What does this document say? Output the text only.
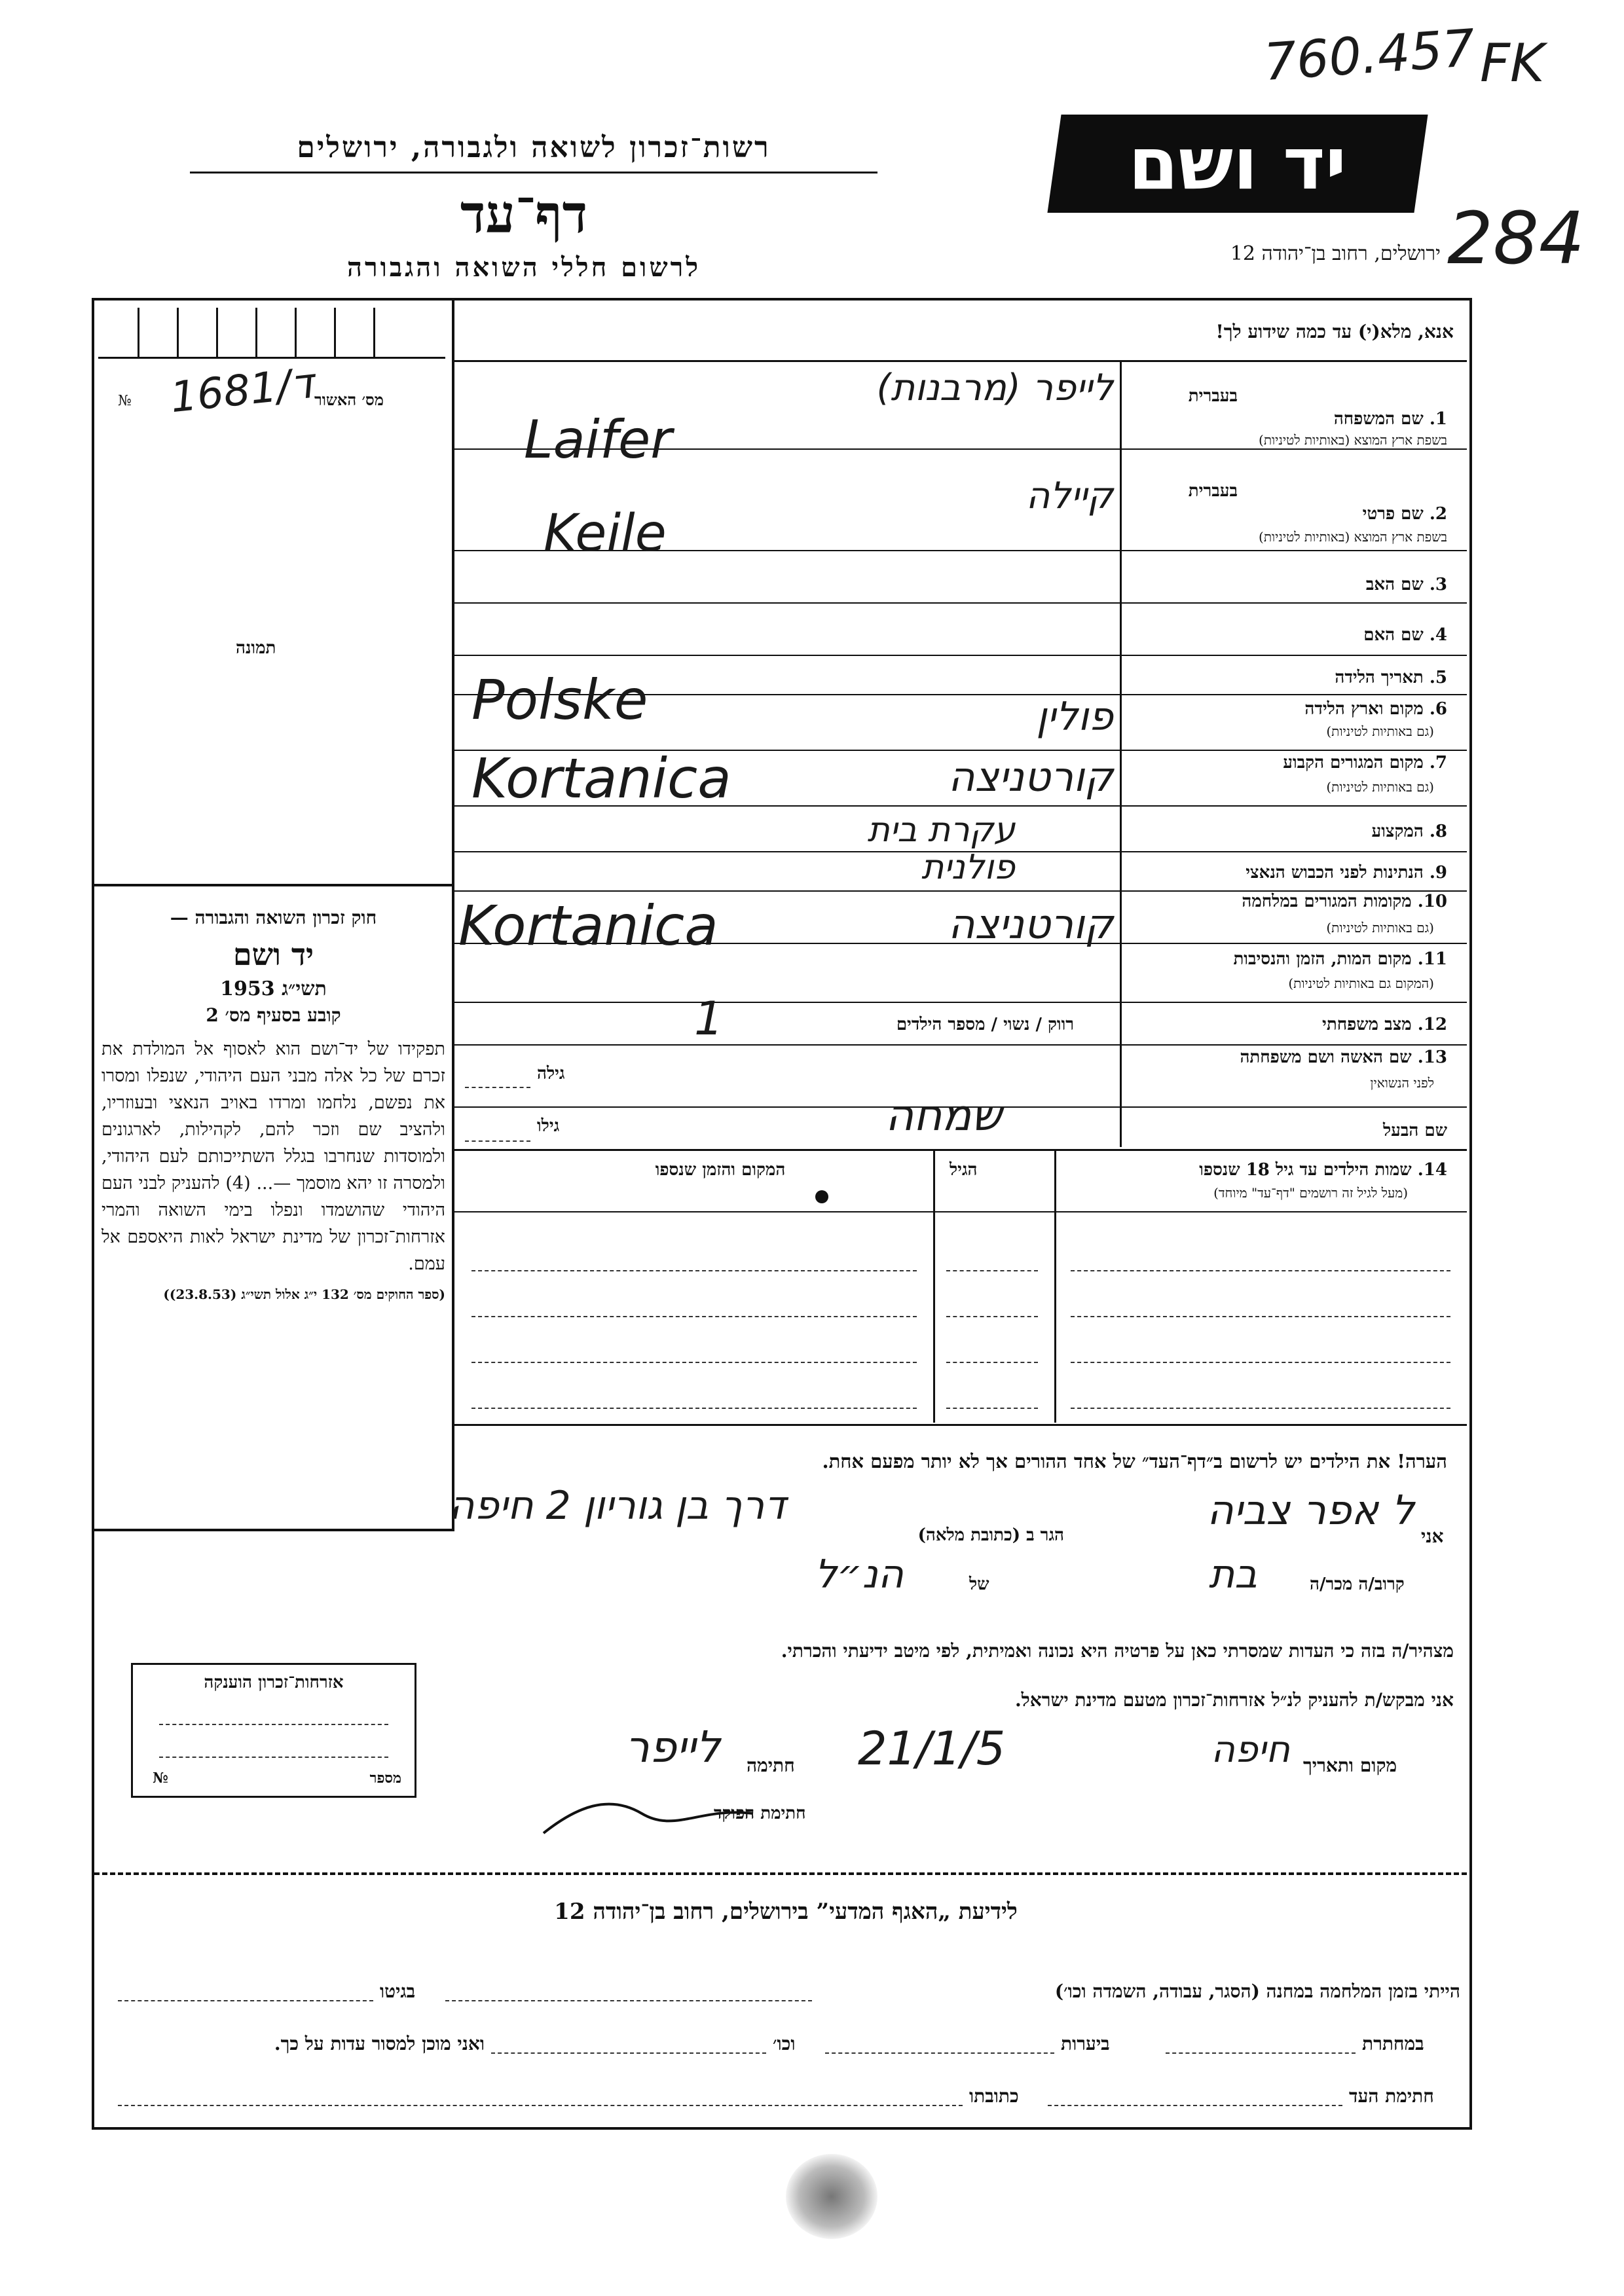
760.457 FK
284
יד ושם
ירושלים, רחוב בן־יהודה 12
רשות־זכרון לשואה ולגבורה, ירושלים
דף־עד
לרשום חללי השואה והגבורה
№ 1681/ד
מס׳ האשור
תמונה
חוק זכרון השואה והגבורה —
יד ושם
תשי״ג 1953
קובע בסעיף מס׳ 2
תפקידו של יד־ושם הוא לאסוף אל המולדת את זכרם של כל אלה מבני העם היהודי, שנפלו ומסרו את נפשם, נלחמו ומרדו באויב הנאצי ובעוזריו, ולהציב שם וזכר להם, לקהילות, לארגונים ולמוסדות שנחרבו בגלל השתייכותם לעם היהודי, ולמסרה זו יהא מוסמך —... (4) להעניק לבני העם היהודי שהושמדו ונפלו בימי השואה והמרי אזרחות־זכרון של מדינת ישראל לאות היאספם אל עמם.
(ספר החוקים מס׳ 132 י״ג אלול תשי״ג (23.8.53))
אנא, מלא(י) עד כמה שידוע לך!
1. שם המשפחה
בשפת ארץ המוצא (באותיות לטיניות)
בעברית
לייפר (מרבנות)
Laifer
2. שם פרטי
בשפת ארץ המוצא (באותיות לטיניות)
בעברית
קיילה
Keile
3. שם האב
4. שם האם
5. תאריך הלידה
6. מקום וארץ הלידה
(גם באותיות לטיניות)
פולין
Polske
7. מקום המגורים הקבוע
(גם באותיות לטיניות)
קורטניצה
Kortanica
8. המקצוע
עקרת בית
9. הנתינות לפני הכבוש הנאצי
פולנית
10. מקומות המגורים במלחמה
(גם באותיות לטיניות)
קורטניצה
Kortanica
11. מקום המות, הזמן והנסיבות
(המקום גם באותיות לטיניות)
12. מצב משפחתי
רווק / נשוי / מספר הילדים
1
13. שם האשה ושם משפחתה
לפני הנשואין
גילה
שם הבעל
שמחה
גילו
14. שמות הילדים עד גיל 18 שנספו
(מעל לגיל זה רושמים "דף־עד" מיוחד)
הגיל
המקום והזמן שנספו
הערה! את הילדים יש לרשום ב״דף־העד״ של אחד ההורים אך לא יותר מפעם אחת.
אני
ל אפר צביה
הגר ב (כתובת מלאה)
דרך בן גוריון 2 חיפה
קרוב/ה מכר/ה
בת
של
הנ״ל
מצהיר/ה בזה כי העדות שמסרתי כאן על פרטיה היא נכונה ואמיתית, לפי מיטב ידיעתי והכרתי.
אני מבקש/ת להעניק לנ״ל אזרחות־זכרון מטעם מדינת ישראל.
אזרחות־זכרון הוענקה
מספר
№
מקום ותאריך
חיפה
21/1/5
חתימה
לייפר
חתימת הפוקד
לידיעת „האגף המדעי” בירושלים, רחוב בן־יהודה 12
הייתי בזמן המלחמה במחנה (הסגר, עבודה, השמדה וכו׳)
בגיטו
במחתרת
ביערות
וכו׳
ואני מוכן למסור עדות על כך.
חתימת העד
כתובתו
